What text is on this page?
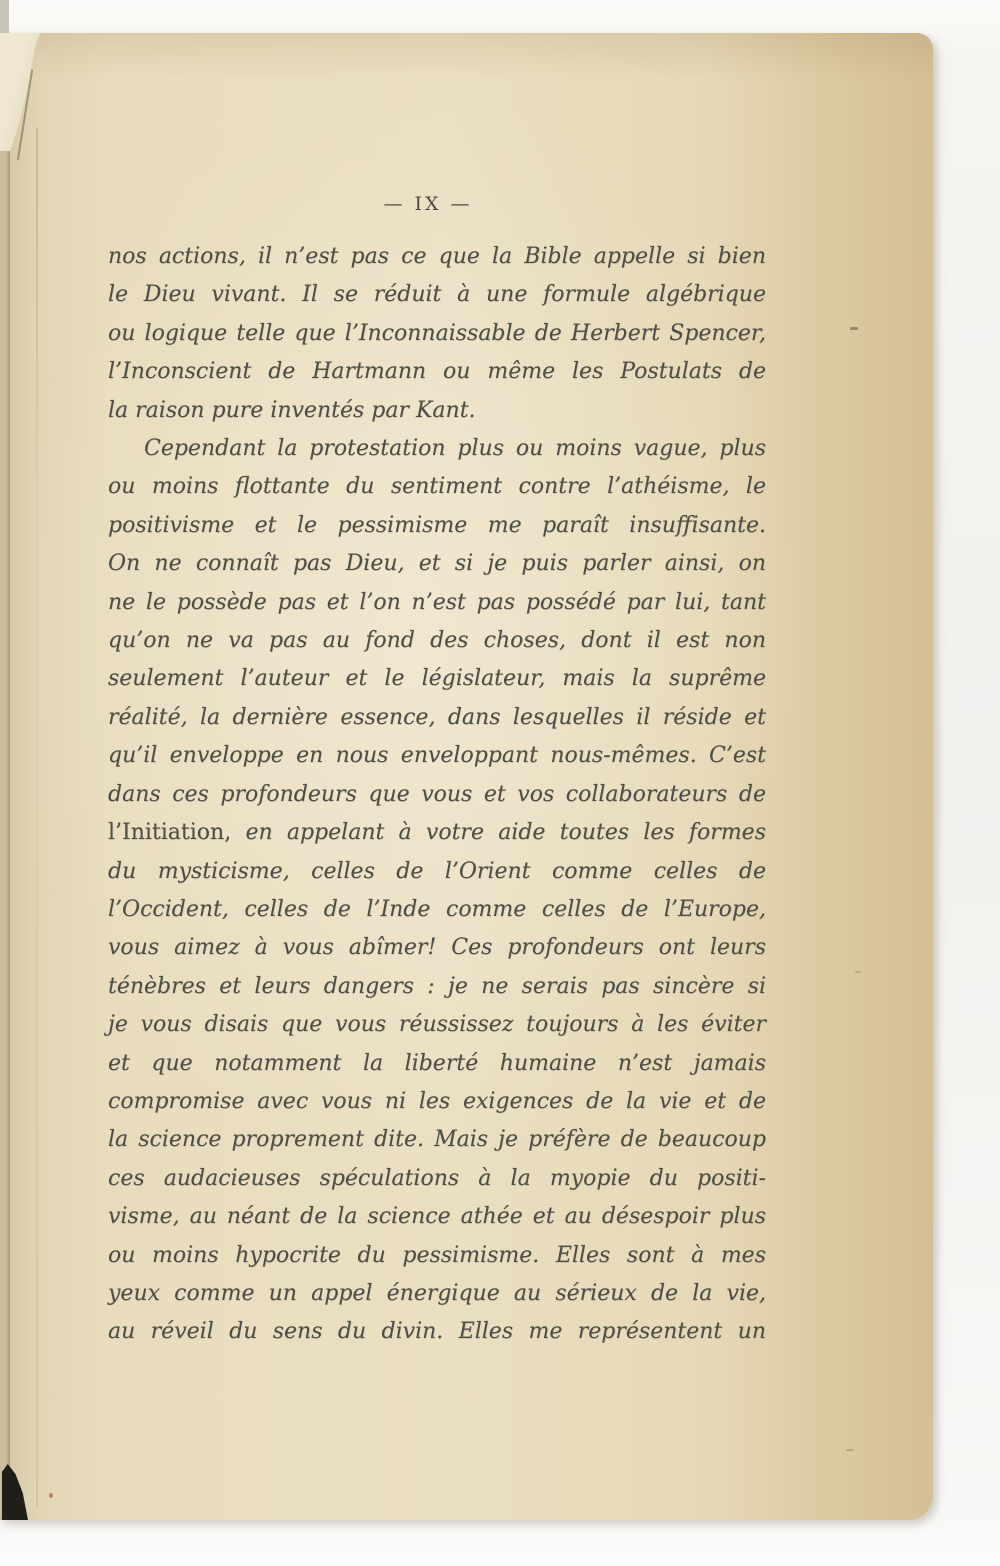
— IX —
nos actions, il n’est pas ce que la Bible appelle si bien
le Dieu vivant. Il se réduit à une formule algébrique
ou logique telle que l’Inconnaissable de Herbert Spencer,
l’Inconscient de Hartmann ou même les Postulats de
la raison pure inventés par Kant.
Cependant la protestation plus ou moins vague, plus
ou moins flottante du sentiment contre l’athéisme, le
positivisme et le pessimisme me paraît insuffisante.
On ne connaît pas Dieu, et si je puis parler ainsi, on
ne le possède pas et l’on n’est pas possédé par lui, tant
qu’on ne va pas au fond des choses, dont il est non
seulement l’auteur et le législateur, mais la suprême
réalité, la dernière essence, dans lesquelles il réside et
qu’il enveloppe en nous enveloppant nous-mêmes. C’est
dans ces profondeurs que vous et vos collaborateurs de
l’Initiation, en appelant à votre aide toutes les formes
du mysticisme, celles de l’Orient comme celles de
l’Occident, celles de l’Inde comme celles de l’Europe,
vous aimez à vous abîmer! Ces profondeurs ont leurs
ténèbres et leurs dangers : je ne serais pas sincère si
je vous disais que vous réussissez toujours à les éviter
et que notamment la liberté humaine n’est jamais
compromise avec vous ni les exigences de la vie et de
la science proprement dite. Mais je préfère de beaucoup
ces audacieuses spéculations à la myopie du positi-
visme, au néant de la science athée et au désespoir plus
ou moins hypocrite du pessimisme. Elles sont à mes
yeux comme un appel énergique au sérieux de la vie,
au réveil du sens du divin. Elles me représentent un
